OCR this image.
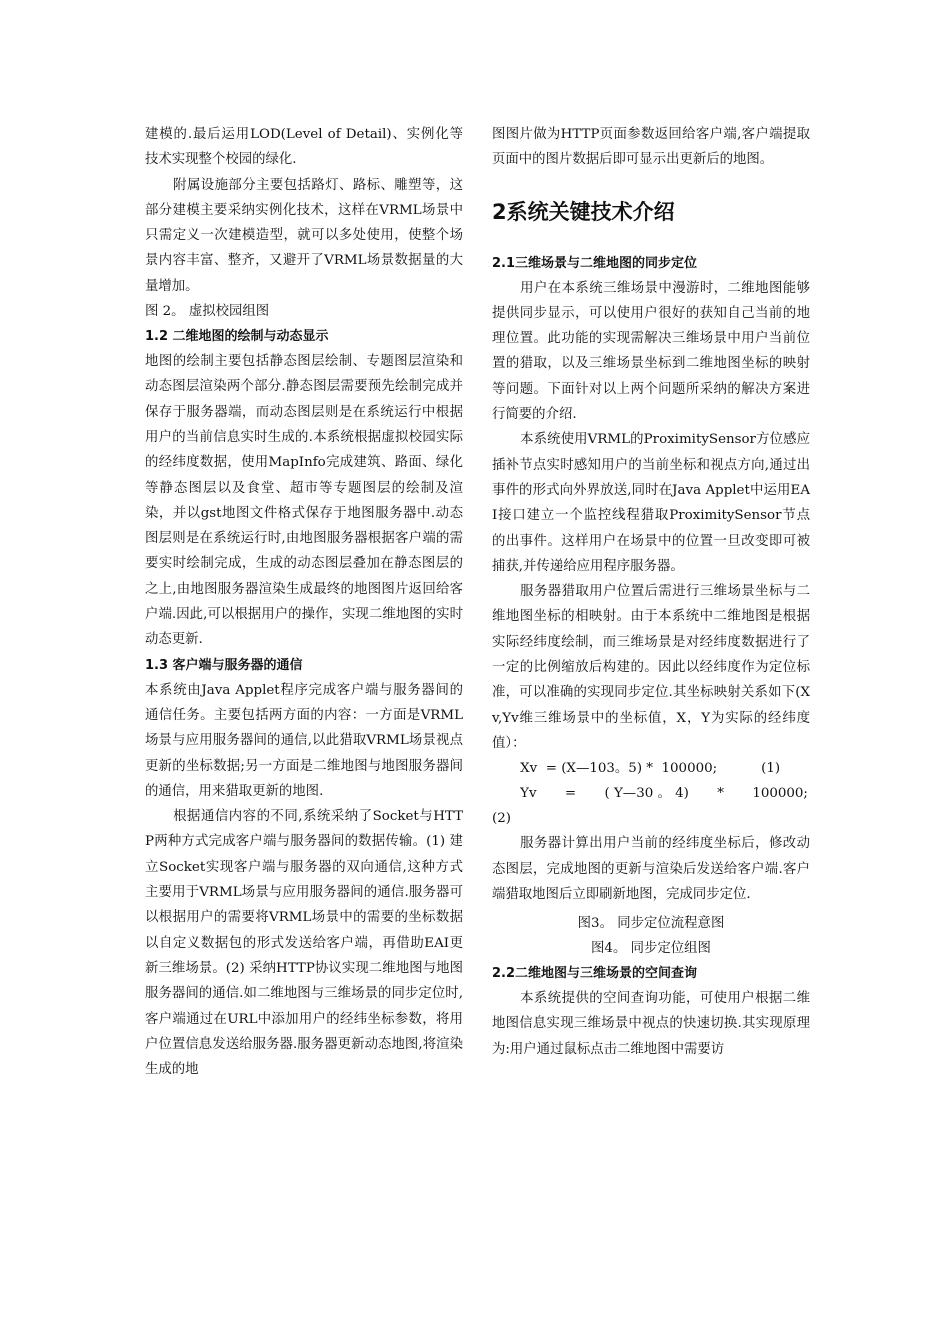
建模的.最后运用LOD(Level of Detail)、实例化等技术实现整个校园的绿化.

附属设施部分主要包括路灯、路标、雕塑等，这部分建模主要采纳实例化技术，这样在VRML场景中只需定义一次建模造型，就可以多处使用，使整个场景内容丰富、整齐，又避开了VRML场景数据量的大量增加。

图 2。 虚拟校园组图

1.2 二维地图的绘制与动态显示

地图的绘制主要包括静态图层绘制、专题图层渲染和动态图层渲染两个部分.静态图层需要预先绘制完成并保存于服务器端，而动态图层则是在系统运行中根据用户的当前信息实时生成的.本系统根据虚拟校园实际的经纬度数据，使用MapInfo完成建筑、路面、绿化等静态图层以及食堂、超市等专题图层的绘制及渲染，并以gst地图文件格式保存于地图服务器中.动态图层则是在系统运行时,由地图服务器根据客户端的需要实时绘制完成，生成的动态图层叠加在静态图层的之上,由地图服务器渲染生成最终的地图图片返回给客户端.因此,可以根据用户的操作，实现二维地图的实时动态更新.

1.3 客户端与服务器的通信

本系统由Java Applet程序完成客户端与服务器间的通信任务。主要包括两方面的内容：一方面是VRML场景与应用服务器间的通信,以此猎取VRML场景视点更新的坐标数据;另一方面是二维地图与地图服务器间的通信，用来猎取更新的地图.

根据通信内容的不同,系统采纳了Socket与HTTP两种方式完成客户端与服务器间的数据传输。(1) 建立Socket实现客户端与服务器的双向通信,这种方式主要用于VRML场景与应用服务器间的通信.服务器可以根据用户的需要将VRML场景中的需要的坐标数据以自定义数据包的形式发送给客户端，再借助EAI更新三维场景。(2) 采纳HTTP协议实现二维地图与地图服务器间的通信.如二维地图与三维场景的同步定位时,客户端通过在URL中添加用户的经纬坐标参数，将用户位置信息发送给服务器.服务器更新动态地图,将渲染生成的地

图图片做为HTTP页面参数返回给客户端,客户端提取页面中的图片数据后即可显示出更新后的地图。

2系统关键技术介绍
2.1三维场景与二维地图的同步定位

用户在本系统三维场景中漫游时，二维地图能够提供同步显示，可以使用户很好的获知自己当前的地理位置。此功能的实现需解决三维场景中用户当前位置的猎取，以及三维场景坐标到二维地图坐标的映射等问题。下面针对以上两个问题所采纳的解决方案进行简要的介绍.

本系统使用VRML的ProximitySensor方位感应插补节点实时感知用户的当前坐标和视点方向,通过出事件的形式向外界放送,同时在Java Applet中运用EAI接口建立一个监控线程猎取ProximitySensor节点的出事件。这样用户在场景中的位置一旦改变即可被捕获,并传递给应用程序服务器。

服务器猎取用户位置后需进行三维场景坐标与二维地图坐标的相映射。由于本系统中二维地图是根据实际经纬度绘制，而三维场景是对经纬度数据进行了一定的比例缩放后构建的。因此以经纬度作为定位标准，可以准确的实现同步定位.其坐标映射关系如下(Xv,Yv维三维场景中的坐标值，X，Y为实际的经纬度值）：

Xv  = (X—103。5) *  100000;	(1)
Yv = ( Y—30 。 4) * 100000;
(2)

服务器计算出用户当前的经纬度坐标后，修改动态图层，完成地图的更新与渲染后发送给客户端.客户端猎取地图后立即刷新地图，完成同步定位.

图3。 同步定位流程意图

图4。 同步定位组图

2.2二维地图与三维场景的空间查询

本系统提供的空间查询功能，可使用户根据二维地图信息实现三维场景中视点的快速切换.其实现原理为:用户通过鼠标点击二维地图中需要访
